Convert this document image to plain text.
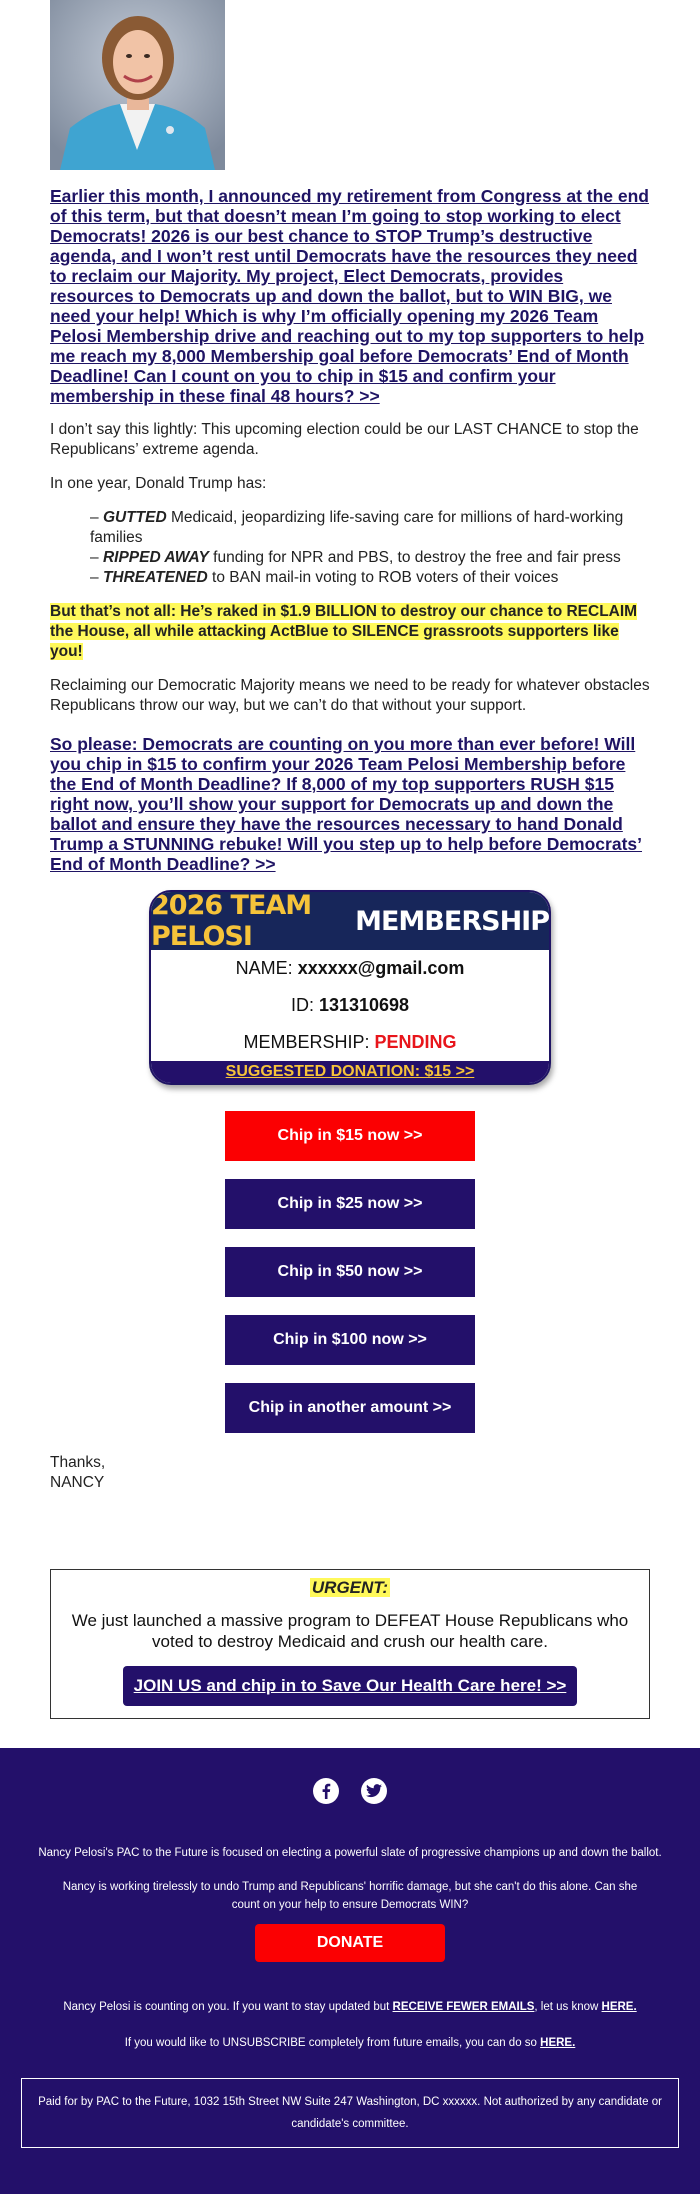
Earlier this month, I announced my retirement from Congress at the end of this term, but that doesn’t mean I’m going to stop working to elect Democrats! 2026 is our best chance to STOP Trump’s destructive agenda, and I won’t rest until Democrats have the resources they need to reclaim our Majority. My project, Elect Democrats, provides resources to Democrats up and down the ballot, but to WIN BIG, we need your help! Which is why I’m officially opening my 2026 Team Pelosi Membership drive and reaching out to my top supporters to help me reach my 8,000 Membership goal before Democrats’ End of Month Deadline! Can I count on you to chip in $15 and confirm your membership in these final 48 hours? >>

I don’t say this lightly: This upcoming election could be our LAST CHANCE to stop the Republicans’ extreme agenda.

In one year, Donald Trump has:

– GUTTED Medicaid, jeopardizing life-saving care for millions of hard-working families
– RIPPED AWAY funding for NPR and PBS, to destroy the free and fair press
– THREATENED to BAN mail-in voting to ROB voters of their voices

But that’s not all: He’s raked in $1.9 BILLION to destroy our chance to RECLAIM the House, all while attacking ActBlue to SILENCE grassroots supporters like you!

Reclaiming our Democratic Majority means we need to be ready for whatever obstacles Republicans throw our way, but we can’t do that without your support.

So please: Democrats are counting on you more than ever before! Will you chip in $15 to confirm your 2026 Team Pelosi Membership before the End of Month Deadline? If 8,000 of my top supporters RUSH $15 right now, you’ll show your support for Democrats up and down the ballot and ensure they have the resources necessary to hand Donald Trump a STUNNING rebuke! Will you step up to help before Democrats’ End of Month Deadline? >>
2026 TEAM PELOSI	MEMBERSHIP
NAME: xxxxxx@gmail.com
ID: 131310698
MEMBERSHIP: PENDING
SUGGESTED DONATION: $15 >>
Chip in $15 now >>
Chip in $25 now >>
Chip in $50 now >>
Chip in $100 now >>
Chip in another amount >>
Thanks,
NANCY
URGENT:
We just launched a massive program to DEFEAT House Republicans who voted to destroy Medicaid and crush our health care.
JOIN US and chip in to Save Our Health Care here! >>

Nancy Pelosi's PAC to the Future is focused on electing a powerful slate of progressive champions up and down the ballot.

Nancy is working tirelessly to undo Trump and Republicans' horrific damage, but she can't do this alone. Can she count on your help to ensure Democrats WIN?

DONATE

Nancy Pelosi is counting on you. If you want to stay updated but RECEIVE FEWER EMAILS, let us know HERE.

If you would like to UNSUBSCRIBE completely from future emails, you can do so HERE.

Paid for by PAC to the Future, 1032 15th Street NW Suite 247 Washington, DC xxxxxx. Not authorized by any candidate or candidate's committee.
